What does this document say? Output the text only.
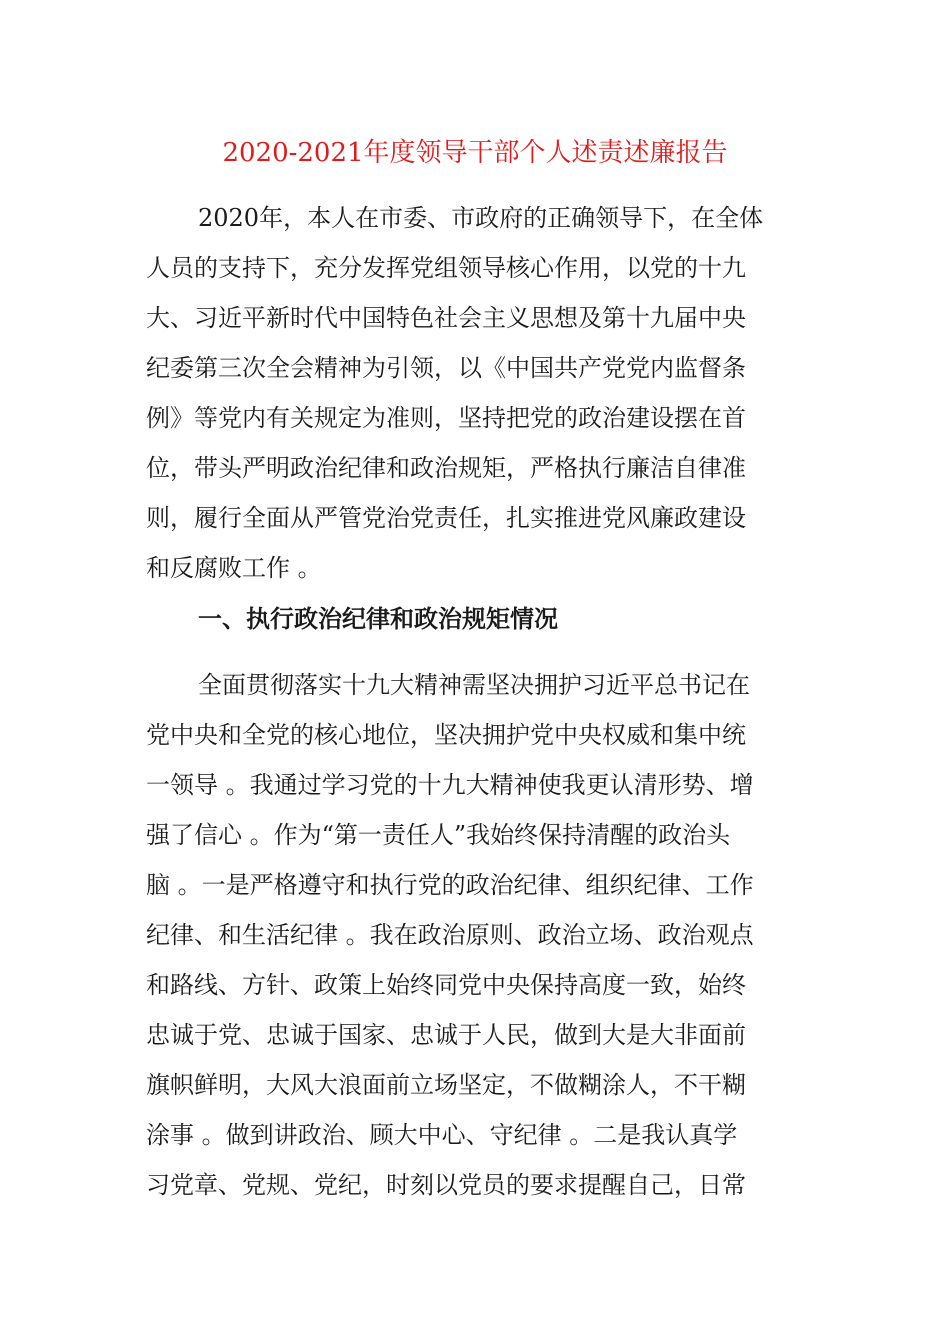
2020-2021年度领导干部个人述责述廉报告
2020年，本人在市委、市政府的正确领导下，在全体
人员的支持下，充分发挥党组领导核心作用，以党的十九
大、习近平新时代中国特色社会主义思想及第十九届中央
纪委第三次全会精神为引领，以《中国共产党党内监督条
例》等党内有关规定为准则，坚持把党的政治建设摆在首
位，带头严明政治纪律和政治规矩，严格执行廉洁自律准
则，履行全面从严管党治党责任，扎实推进党风廉政建设
和反腐败工作 。
一、执行政治纪律和政治规矩情况
全面贯彻落实十九大精神需坚决拥护习近平总书记在
党中央和全党的核心地位，坚决拥护党中央权威和集中统
一领导 。我通过学习党的十九大精神使我更认清形势、增
强了信心 。作为“第一责任人”我始终保持清醒的政治头
脑 。一是严格遵守和执行党的政治纪律、组织纪律、工作
纪律、和生活纪律 。我在政治原则、政治立场、政治观点
和路线、方针、政策上始终同党中央保持高度一致，始终
忠诚于党、忠诚于国家、忠诚于人民，做到大是大非面前
旗帜鲜明，大风大浪面前立场坚定，不做糊涂人，不干糊
涂事 。做到讲政治、顾大中心、守纪律 。二是我认真学
习党章、党规、党纪，时刻以党员的要求提醒自己，日常
